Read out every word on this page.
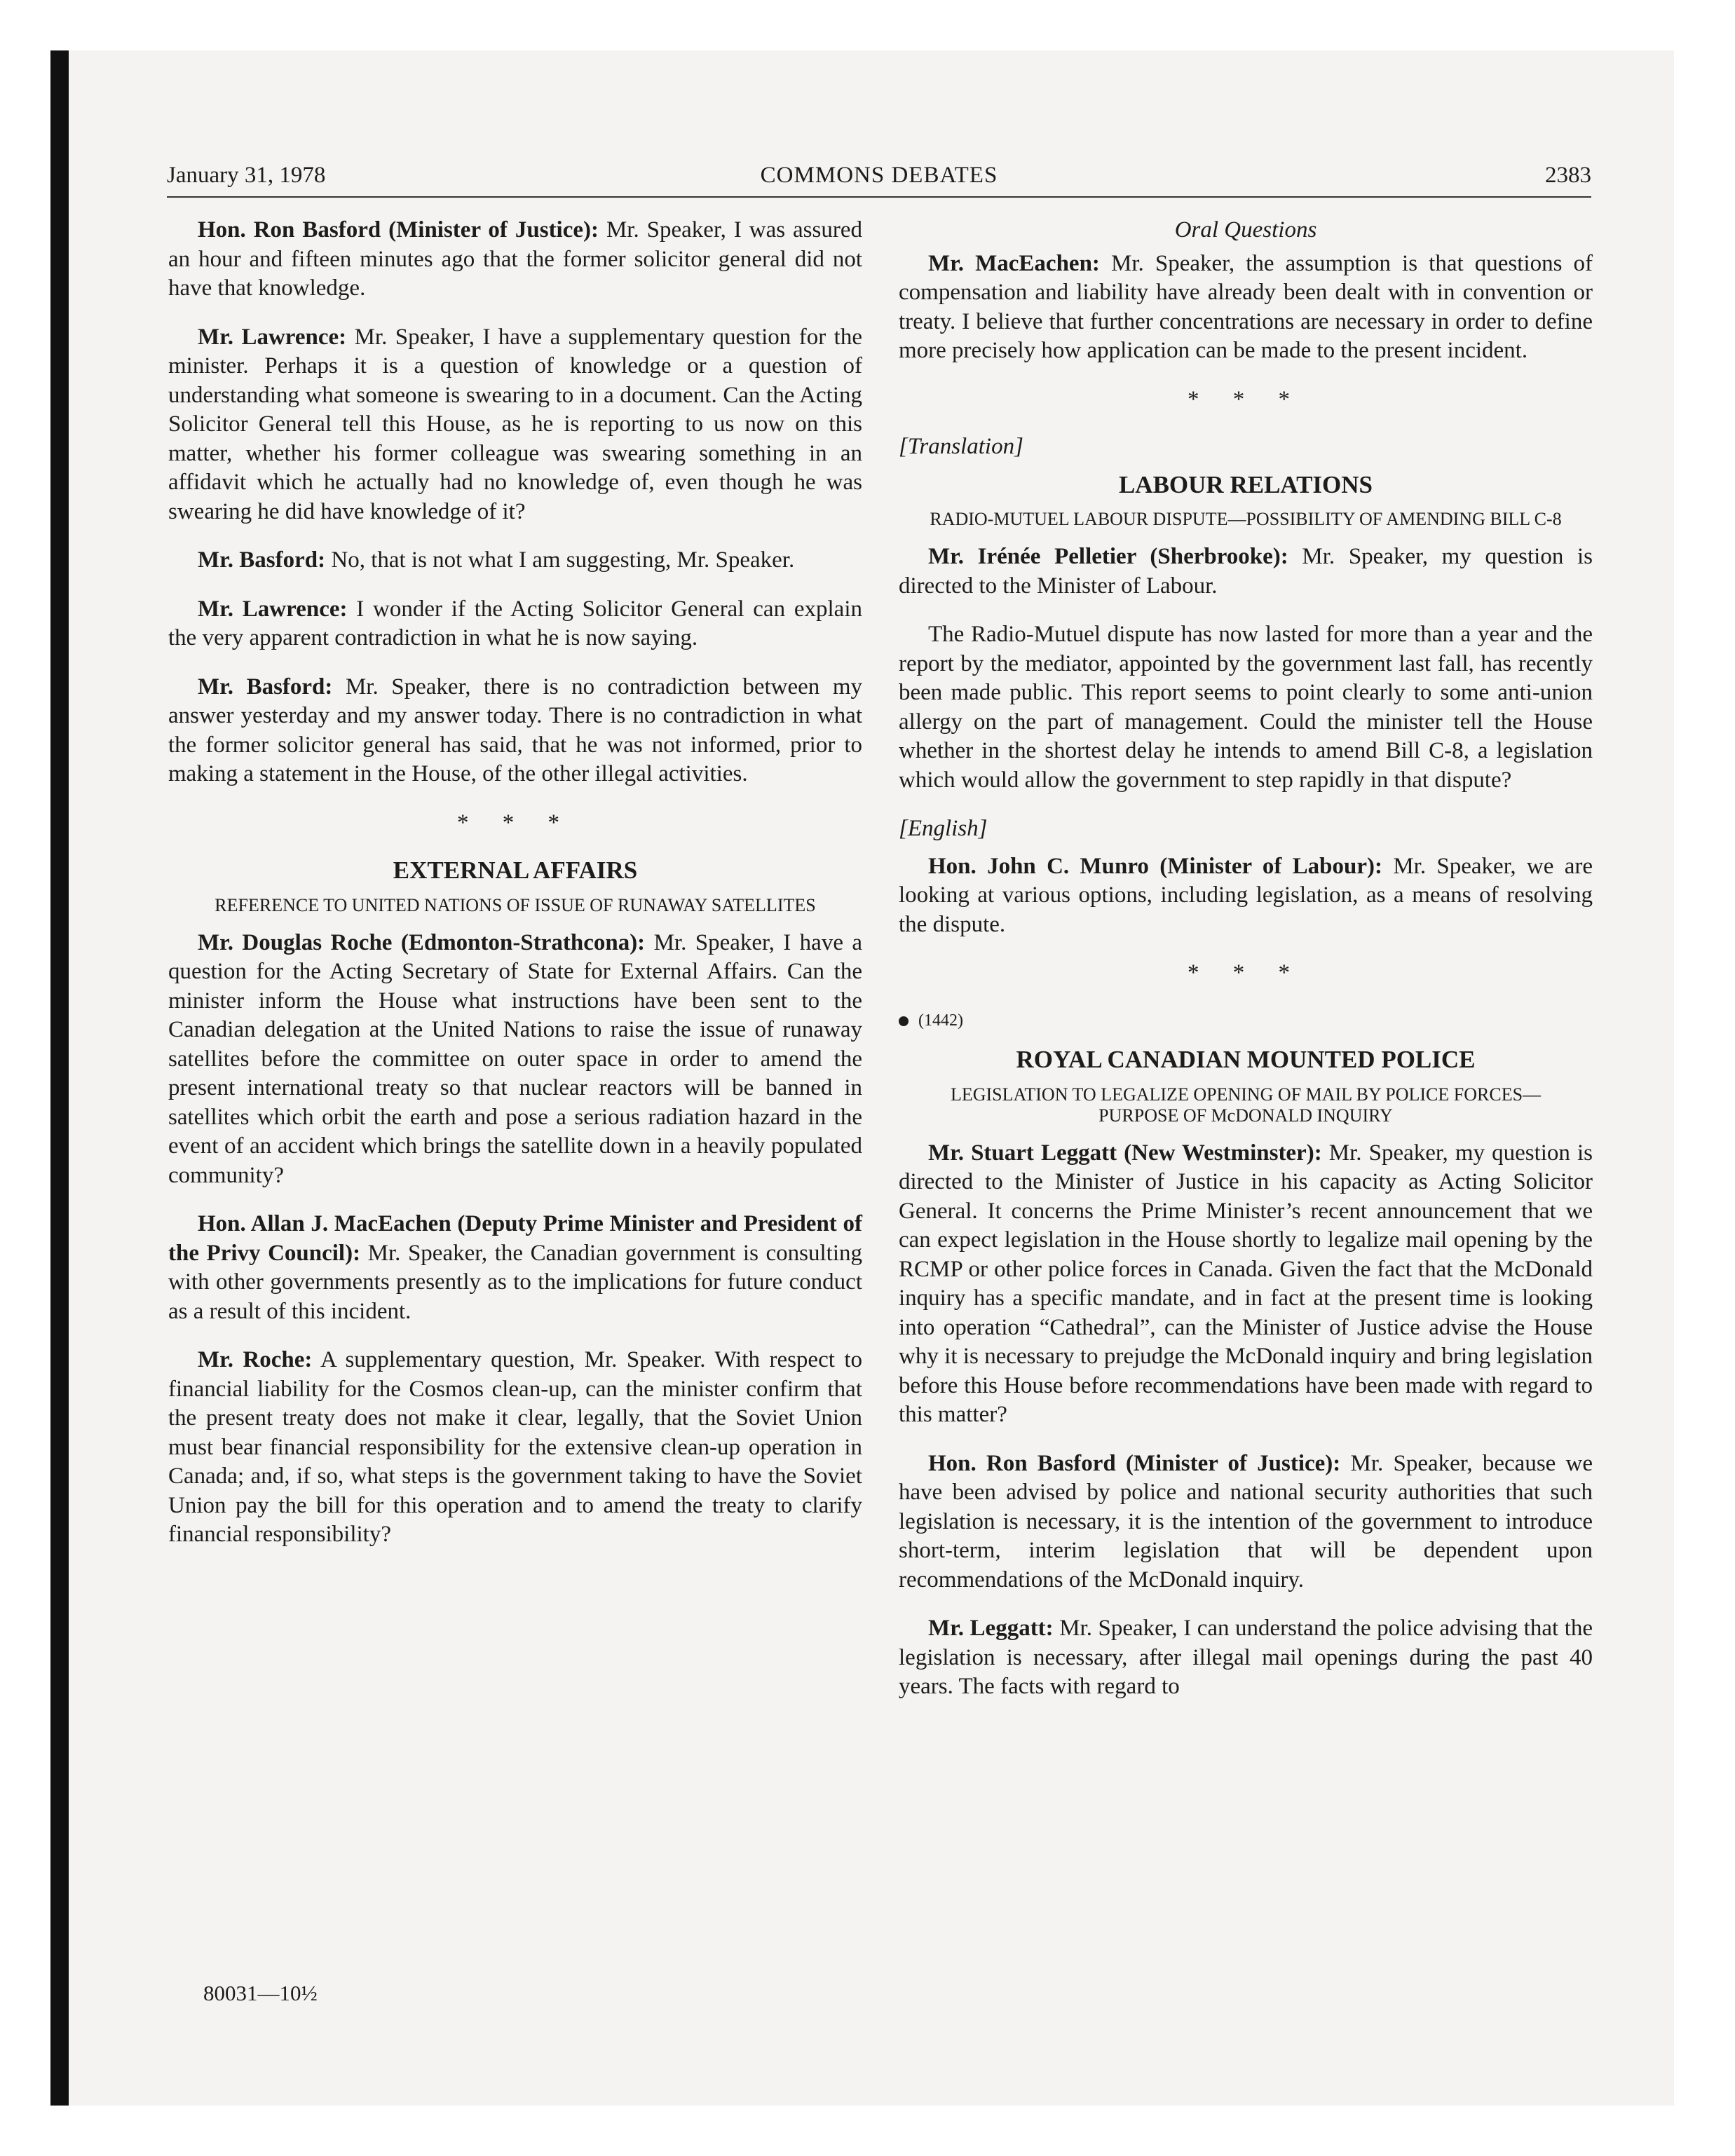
January 31, 1978	COMMONS DEBATES	2383

Hon. Ron Basford (Minister of Justice): Mr. Speaker, I was assured an hour and fifteen minutes ago that the former solicitor general did not have that knowledge.

Mr. Lawrence: Mr. Speaker, I have a supplementary question for the minister. Perhaps it is a question of knowledge or a question of understanding what someone is swearing to in a document. Can the Acting Solicitor General tell this House, as he is reporting to us now on this matter, whether his former colleague was swearing something in an affidavit which he actually had no knowledge of, even though he was swearing he did have knowledge of it?

Mr. Basford: No, that is not what I am suggesting, Mr. Speaker.

Mr. Lawrence: I wonder if the Acting Solicitor General can explain the very apparent contradiction in what he is now saying.

Mr. Basford: Mr. Speaker, there is no contradiction between my answer yesterday and my answer today. There is no contradiction in what the former solicitor general has said, that he was not informed, prior to making a statement in the House, of the other illegal activities.

* * *
EXTERNAL AFFAIRS
REFERENCE TO UNITED NATIONS OF ISSUE OF RUNAWAY SATELLITES

Mr. Douglas Roche (Edmonton-Strathcona): Mr. Speaker, I have a question for the Acting Secretary of State for External Affairs. Can the minister inform the House what instructions have been sent to the Canadian delegation at the United Nations to raise the issue of runaway satellites before the committee on outer space in order to amend the present international treaty so that nuclear reactors will be banned in satellites which orbit the earth and pose a serious radiation hazard in the event of an accident which brings the satellite down in a heavily populated community?

Hon. Allan J. MacEachen (Deputy Prime Minister and President of the Privy Council): Mr. Speaker, the Canadian government is consulting with other governments presently as to the implications for future conduct as a result of this incident.

Mr. Roche: A supplementary question, Mr. Speaker. With respect to financial liability for the Cosmos clean-up, can the minister confirm that the present treaty does not make it clear, legally, that the Soviet Union must bear financial responsibility for the extensive clean-up operation in Canada; and, if so, what steps is the government taking to have the Soviet Union pay the bill for this operation and to amend the treaty to clarify financial responsibility?

Oral Questions

Mr. MacEachen: Mr. Speaker, the assumption is that questions of compensation and liability have already been dealt with in convention or treaty. I believe that further concentrations are necessary in order to define more precisely how application can be made to the present incident.

* * *
[Translation]
LABOUR RELATIONS
RADIO-MUTUEL LABOUR DISPUTE—POSSIBILITY OF AMENDING BILL C-8

Mr. Irénée Pelletier (Sherbrooke): Mr. Speaker, my question is directed to the Minister of Labour.

The Radio-Mutuel dispute has now lasted for more than a year and the report by the mediator, appointed by the government last fall, has recently been made public. This report seems to point clearly to some anti-union allergy on the part of management. Could the minister tell the House whether in the shortest delay he intends to amend Bill C-8, a legislation which would allow the government to step rapidly in that dispute?

[English]

Hon. John C. Munro (Minister of Labour): Mr. Speaker, we are looking at various options, including legislation, as a means of resolving the dispute.

* * *
(1442)
ROYAL CANADIAN MOUNTED POLICE
LEGISLATION TO LEGALIZE OPENING OF MAIL BY POLICE FORCES—PURPOSE OF McDONALD INQUIRY

Mr. Stuart Leggatt (New Westminster): Mr. Speaker, my question is directed to the Minister of Justice in his capacity as Acting Solicitor General. It concerns the Prime Minister’s recent announcement that we can expect legislation in the House shortly to legalize mail opening by the RCMP or other police forces in Canada. Given the fact that the McDonald inquiry has a specific mandate, and in fact at the present time is looking into operation “Cathedral”, can the Minister of Justice advise the House why it is necessary to prejudge the McDonald inquiry and bring legislation before this House before recommendations have been made with regard to this matter?

Hon. Ron Basford (Minister of Justice): Mr. Speaker, because we have been advised by police and national security authorities that such legislation is necessary, it is the intention of the government to introduce short-term, interim legislation that will be dependent upon recommendations of the McDonald inquiry.

Mr. Leggatt: Mr. Speaker, I can understand the police advising that the legislation is necessary, after illegal mail openings during the past 40 years. The facts with regard to

80031—10½
